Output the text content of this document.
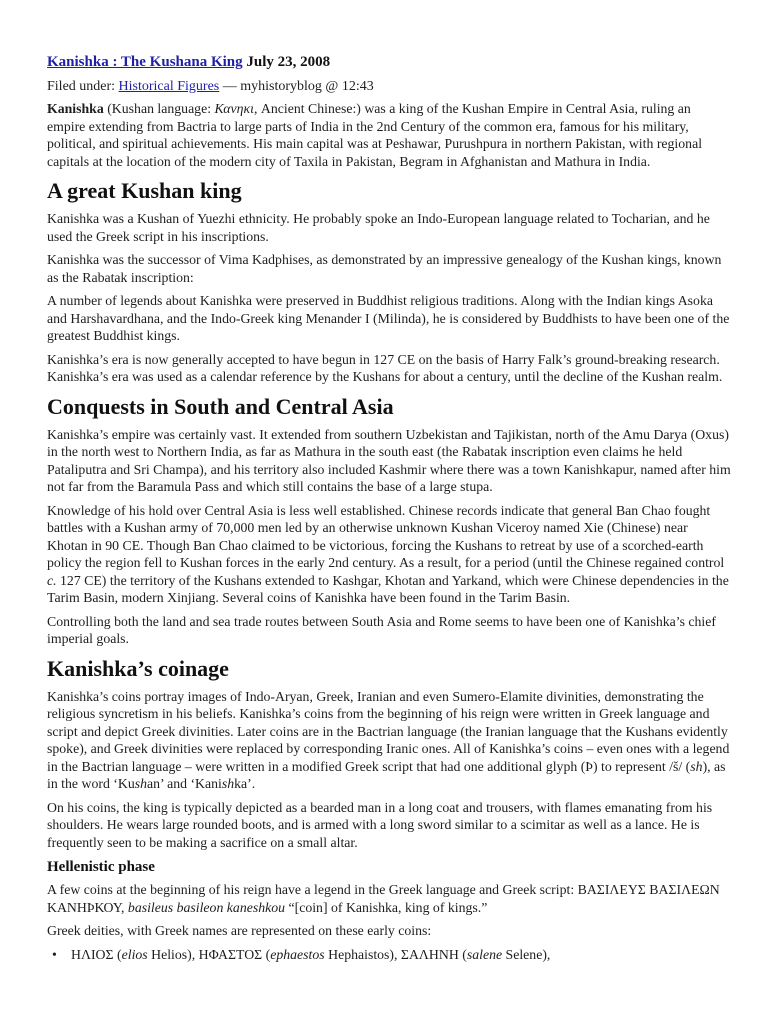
Kanishka : The Kushana King July 23, 2008
Filed under: Historical Figures — myhistoryblog @ 12:43

Kanishka (Kushan language: Κανηκι, Ancient Chinese:) was a king of the Kushan Empire in Central Asia, ruling an empire extending from Bactria to large parts of India in the 2nd Century of the common era, famous for his military, political, and spiritual achievements. His main capital was at Peshawar, Purushpura in northern Pakistan, with regional capitals at the location of the modern city of Taxila in Pakistan, Begram in Afghanistan and Mathura in India.

A great Kushan king

Kanishka was a Kushan of Yuezhi ethnicity. He probably spoke an Indo-European language related to Tocharian, and he used the Greek script in his inscriptions.

Kanishka was the successor of Vima Kadphises, as demonstrated by an impressive genealogy of the Kushan kings, known as the Rabatak inscription:

A number of legends about Kanishka were preserved in Buddhist religious traditions. Along with the Indian kings Asoka and Harshavardhana, and the Indo-Greek king Menander I (Milinda), he is considered by Buddhists to have been one of the greatest Buddhist kings.

Kanishka’s era is now generally accepted to have begun in 127 CE on the basis of Harry Falk’s ground-breaking research. Kanishka’s era was used as a calendar reference by the Kushans for about a century, until the decline of the Kushan realm.

Conquests in South and Central Asia

Kanishka’s empire was certainly vast. It extended from southern Uzbekistan and Tajikistan, north of the Amu Darya (Oxus) in the north west to Northern India, as far as Mathura in the south east (the Rabatak inscription even claims he held Pataliputra and Sri Champa), and his territory also included Kashmir where there was a town Kanishkapur, named after him not far from the Baramula Pass and which still contains the base of a large stupa.

Knowledge of his hold over Central Asia is less well established. Chinese records indicate that general Ban Chao fought battles with a Kushan army of 70,000 men led by an otherwise unknown Kushan Viceroy named Xie (Chinese) near Khotan in 90 CE. Though Ban Chao claimed to be victorious, forcing the Kushans to retreat by use of a scorched-earth policy the region fell to Kushan forces in the early 2nd century. As a result, for a period (until the Chinese regained control c. 127 CE) the territory of the Kushans extended to Kashgar, Khotan and Yarkand, which were Chinese dependencies in the Tarim Basin, modern Xinjiang. Several coins of Kanishka have been found in the Tarim Basin.

Controlling both the land and sea trade routes between South Asia and Rome seems to have been one of Kanishka’s chief imperial goals.

Kanishka’s coinage

Kanishka’s coins portray images of Indo-Aryan, Greek, Iranian and even Sumero-Elamite divinities, demonstrating the religious syncretism in his beliefs. Kanishka’s coins from the beginning of his reign were written in Greek language and script and depict Greek divinities. Later coins are in the Bactrian language (the Iranian language that the Kushans evidently spoke), and Greek divinities were replaced by corresponding Iranic ones. All of Kanishka’s coins – even ones with a legend in the Bactrian language – were written in a modified Greek script that had one additional glyph (Þ) to represent /š/ (sh), as in the word ‘Kushan’ and ‘Kanishka’.

On his coins, the king is typically depicted as a bearded man in a long coat and trousers, with flames emanating from his shoulders. He wears large rounded boots, and is armed with a long sword similar to a scimitar as well as a lance. He is frequently seen to be making a sacrifice on a small altar.

Hellenistic phase

A few coins at the beginning of his reign have a legend in the Greek language and Greek script: ΒΑΣΙΛΕΥΣ ΒΑΣΙΛΕΩΝ ΚΑΝΗÞΚΟΥ, basileus basileon kaneshkou “[coin] of Kanishka, king of kings.”

Greek deities, with Greek names are represented on these early coins:

• ΗΛΙΟΣ (elios Helios), ΗΦΑΣΤΟΣ (ephaestos Hephaistos), ΣΑΛΗΝΗ (salene Selene),
